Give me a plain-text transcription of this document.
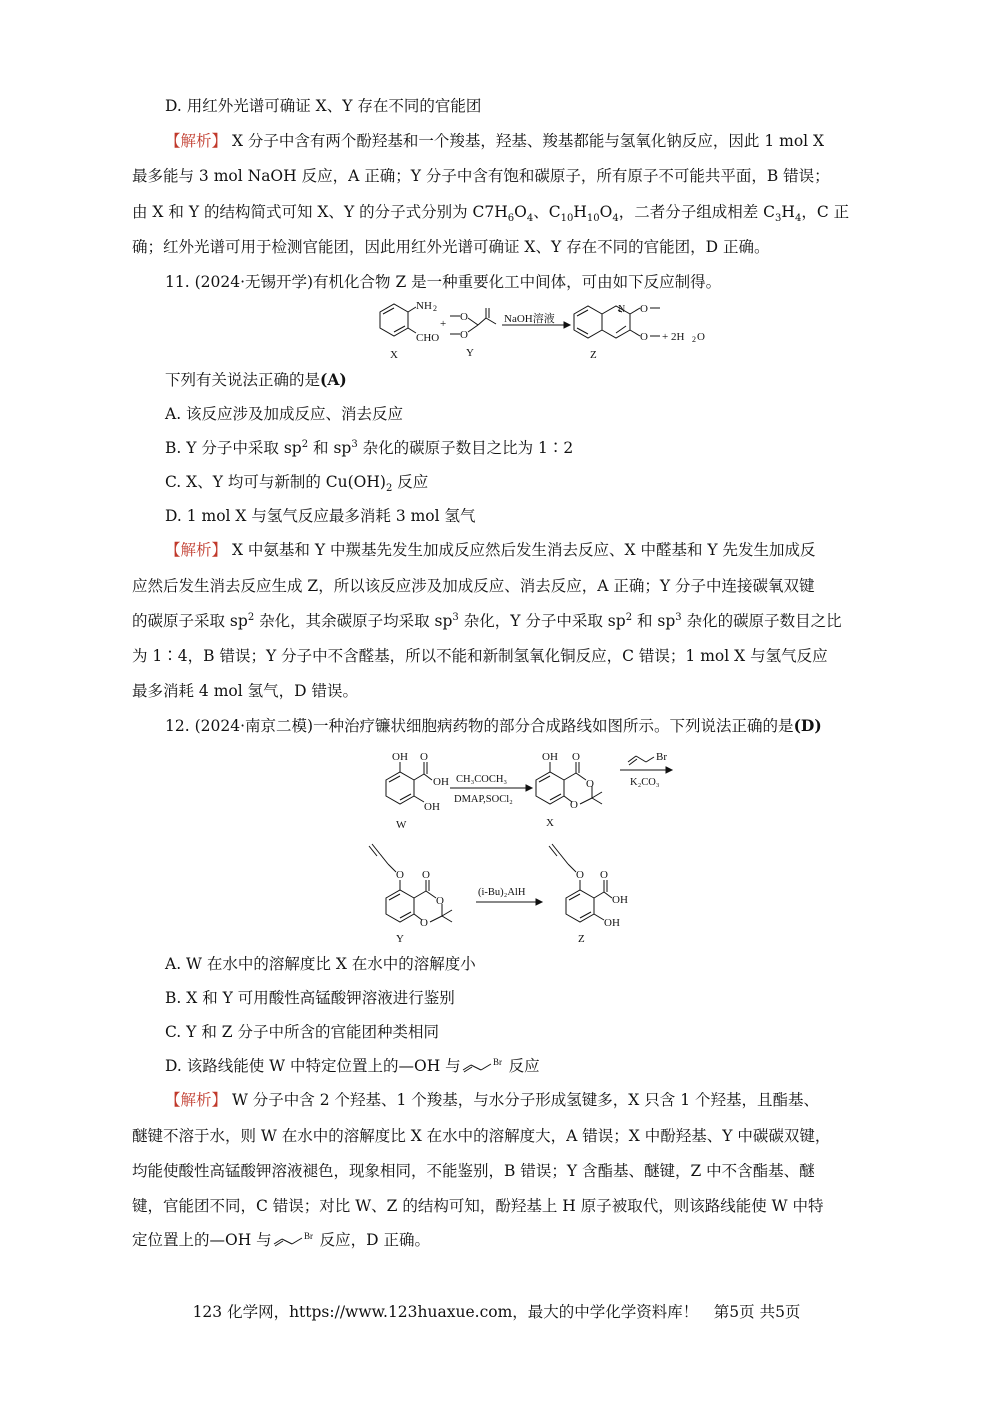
D. 用红外光谱可确证 X、Y 存在不同的官能团
【解析】 X 分子中含有两个酚羟基和一个羧基，羟基、羧基都能与氢氧化钠反应，因此 1 mol X
最多能与 3 mol NaOH 反应，A 正确；Y 分子中含有饱和碳原子，所有原子不可能共平面，B 错误；
由 X 和 Y 的结构简式可知 X、Y 的分子式分别为 $C7H_6O_4$、$C_{10}H_{10}O_4$，二者分子组成相差 $C_3H_4$，C 正
确；红外光谱可用于检测官能团，因此用红外光谱可确证 X、Y 存在不同的官能团，D 正确。
11. (2024·无锡开学)有机化合物 Z 是一种重要化工中间体，可由如下反应制得。
NH 2
CHO
+
O
O
NaOH溶液
N O
O + 2H 2 O
X	Y	Z
下列有关说法正确的是(A)
A. 该反应涉及加成反应、消去反应
B. Y 分子中采取 $sp^2$ 和 $sp^3$ 杂化的碳原子数目之比为 1∶2
C. X、Y 均可与新制的 $Cu(OH)_2$ 反应
D. 1 mol X 与氢气反应最多消耗 3 mol 氢气
【解析】 X 中氨基和 Y 中羰基先发生加成反应然后发生消去反应、X 中醛基和 Y 先发生加成反
应然后发生消去反应生成 Z，所以该反应涉及加成反应、消去反应，A 正确；Y 分子中连接碳氧双键
的碳原子采取 $sp^2$ 杂化，其余碳原子均采取 $sp^3$ 杂化，Y 分子中采取 $sp^2$ 和 $sp^3$ 杂化的碳原子数目之比
为 1∶4，B 错误；Y 分子中不含醛基，所以不能和新制氢氧化铜反应，C 错误；1 mol X 与氢气反应
最多消耗 4 mol 氢气，D 错误。
12. (2024·南京二模)一种治疗镰状细胞病药物的部分合成路线如图所示。下列说法正确的是(D)
OH O
OH
OH
W
CH₃COCH₃
DMAP,SOCl₂
OH O
O
O
X
Br
K₂CO₃
O O
O
O
Y
(i-Bu)₂AlH
O O
OH
OH
Z
A. W 在水中的溶解度比 X 在水中的溶解度小
B. X 和 Y 可用酸性高锰酸钾溶液进行鉴别
C. Y 和 Z 分子中所含的官能团种类相同
D. 该路线能使 W 中特定位置上的—OH 与	Br 反应
【解析】 W 分子中含 2 个羟基、1 个羧基，与水分子形成氢键多，X 只含 1 个羟基，且酯基、
醚键不溶于水，则 W 在水中的溶解度比 X 在水中的溶解度大，A 错误；X 中酚羟基、Y 中碳碳双键，
均能使酸性高锰酸钾溶液褪色，现象相同，不能鉴别，B 错误；Y 含酯基、醚键，Z 中不含酯基、醚
键，官能团不同，C 错误；对比 W、Z 的结构可知，酚羟基上 H 原子被取代，则该路线能使 W 中特
定位置上的—OH 与	Br 反应，D 正确。
123 化学网，https://www.123huaxue.com，最大的中学化学资料库！　第5页 共5页
